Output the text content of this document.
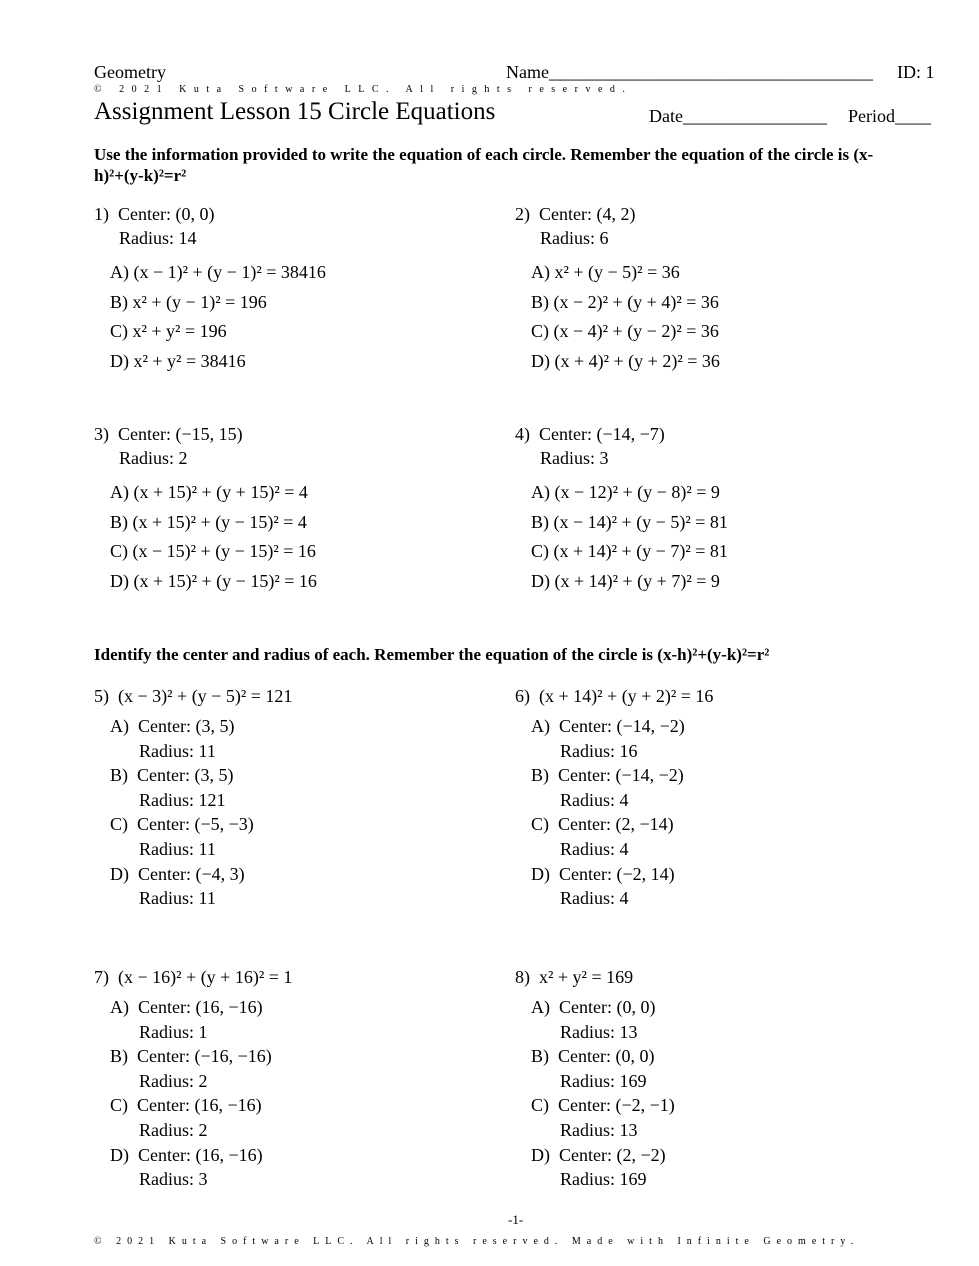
Geometry	Name____________________________________ ID: 1
© 2021 Kuta Software LLC. All rights reserved.
Assignment Lesson 15 Circle Equations	Date________________ Period____
Use the information provided to write the equation of each circle. Remember the equation of the circle is (x-h)²+(y-k)²=r²
1) Center: (0, 0)
Radius: 14
A) (x − 1)² + (y − 1)² = 38416
B) x² + (y − 1)² = 196
C) x² + y² = 196
D) x² + y² = 38416
2) Center: (4, 2)
Radius: 6
A) x² + (y − 5)² = 36
B) (x − 2)² + (y + 4)² = 36
C) (x − 4)² + (y − 2)² = 36
D) (x + 4)² + (y + 2)² = 36
3) Center: (−15, 15)
Radius: 2
A) (x + 15)² + (y + 15)² = 4
B) (x + 15)² + (y − 15)² = 4
C) (x − 15)² + (y − 15)² = 16
D) (x + 15)² + (y − 15)² = 16
4) Center: (−14, −7)
Radius: 3
A) (x − 12)² + (y − 8)² = 9
B) (x − 14)² + (y − 5)² = 81
C) (x + 14)² + (y − 7)² = 81
D) (x + 14)² + (y + 7)² = 9
Identify the center and radius of each. Remember the equation of the circle is (x-h)²+(y-k)²=r²
5) (x − 3)² + (y − 5)² = 121
A) Center: (3, 5)
Radius: 11
B) Center: (3, 5)
Radius: 121
C) Center: (−5, −3)
Radius: 11
D) Center: (−4, 3)
Radius: 11
6) (x + 14)² + (y + 2)² = 16
A) Center: (−14, −2)
Radius: 16
B) Center: (−14, −2)
Radius: 4
C) Center: (2, −14)
Radius: 4
D) Center: (−2, 14)
Radius: 4
7) (x − 16)² + (y + 16)² = 1
A) Center: (16, −16)
Radius: 1
B) Center: (−16, −16)
Radius: 2
C) Center: (16, −16)
Radius: 2
D) Center: (16, −16)
Radius: 3
8) x² + y² = 169
A) Center: (0, 0)
Radius: 13
B) Center: (0, 0)
Radius: 169
C) Center: (−2, −1)
Radius: 13
D) Center: (2, −2)
Radius: 169
-1-
© 2021 Kuta Software LLC. All rights reserved. Made with Infinite Geometry.
